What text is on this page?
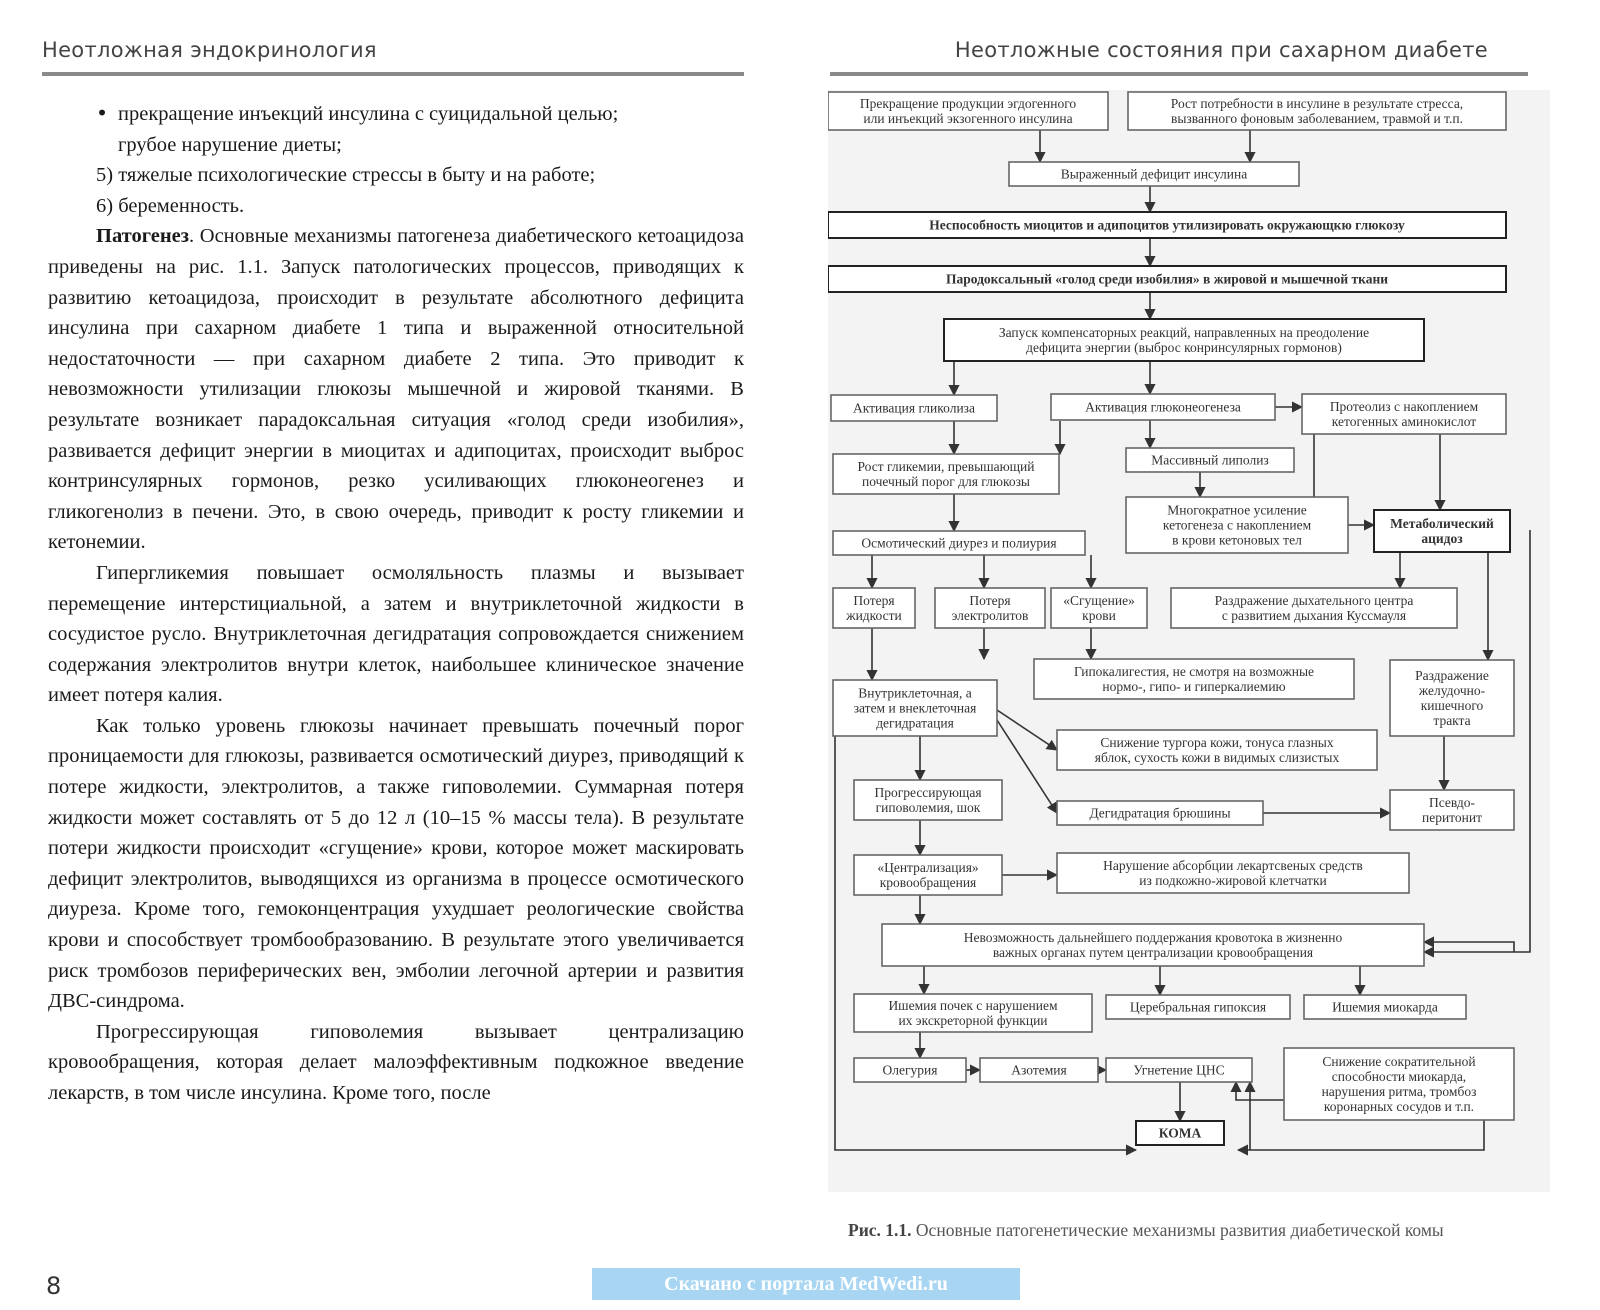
Неотложная эндокринология	Неотложные состояния при сахарном диабете

• прекращение инъекций инсулина с суицидальной целью;

грубое нарушение диеты;

5) тяжелые психологические стрессы в быту и на работе;

6) беременность.

Патогенез. Основные механизмы патогенеза диабетического кетоацидоза приведены на рис. 1.1. Запуск патологических процессов, приводящих к развитию кетоацидоза, происходит в результате абсолютного дефицита инсулина при сахарном диабете 1 типа и выраженной относительной недостаточности — при сахарном диабете 2 типа. Это приводит к невозможности утилизации глюкозы мышечной и жировой тканями. В результате возникает парадоксальная ситуация «голод среди изобилия», развивается дефицит энергии в миоцитах и адипоцитах, происходит выброс контринсулярных гормонов, резко усиливающих глюконеогенез и гликогенолиз в печени. Это, в свою очередь, приводит к росту гликемии и кетонемии.

Гипергликемия повышает осмоляльность плазмы и вызывает перемещение интерстициальной, а затем и внутриклеточной жидкости в сосудистое русло. Внутриклеточная дегидратация сопровождается снижением содержания электролитов внутри клеток, наибольшее клиническое значение имеет потеря калия.

Как только уровень глюкозы начинает превышать почечный порог проницаемости для глюкозы, развивается осмотический диурез, приводящий к потере жидкости, электролитов, а также гиповолемии. Суммарная потеря жидкости может составлять от 5 до 12 л (10–15 % массы тела). В результате потери жидкости происходит «сгущение» крови, которое может маскировать дефицит электролитов, выводящихся из организма в процессе осмотического диуреза. Кроме того, гемоконцентрация ухудшает реологические свойства крови и способствует тромбообразованию. В результате этого увеличивается риск тромбозов периферических вен, эмболии легочной артерии и развития ДВС-синдрома.

Прогрессирующая гиповолемия вызывает централизацию кровообращения, которая делает малоэффективным подкожное введение лекарств, в том числе инсулина. Кроме того, после

8
Прекращение продукции эгдогенного
или инъекций экзогенного инсулина
Рост потребности в инсулине в результате стресса,
вызванного фоновым заболеванием, травмой и т.п.
Выраженный дефицит инсулина
Неспособность миоцитов и адипоцитов утилизировать окружающкю глюкозу
Пародоксальный «голод среди изобилия» в жировой и мышечной ткани
Запуск компенсаторных реакций, направленных на преодоление
дефицита энергии (выброс конринсулярных гормонов)
Активация гликолиза	Активация глюконеогенеза	Протеолиз с накоплением
кетогенных аминокислот
Рост гликемии, превышающий
почечный порог для глюкозы
Массивный липолиз
Многократное усиление
кетогенеза с накоплением
в крови кетоновых тел
Метаболический
ацидоз
Осмотический диурез и полиурия
Потеря
жидкости
Потеря
электролитов
«Сгущение»
крови
Раздражение дыхательного центра
с развитием дыхания Куссмауля
Гипокалигестия, не смотря на возможные
нормо-, гипо- и гиперкалиемию
Раздражение
желудочно-
кишечного
тракта
Внутриклеточная, а
затем и внеклеточная
дегидратация
Снижение тургора кожи, тонуса глазных
яблок, сухость кожи в видимых слизистых
Прогрессирующая
гиповолемия, шок	Дегидратация брюшины
Псевдо-
перитонит
«Централизация»
кровообращения
Нарушение абсорбции лекартсвеных средств
из подкожно-жировой клетчатки
Невозможность дальнейшего поддержания кровотока в жизненно
важных органах путем централизации кровообращения
Ишемия почек с нарушением
их экскреторной функции
Церебральная гипоксия	Ишемия миокарда
Снижение сократительной
способности миокарда,
нарушения ритма, тромбоз
коронарных сосудов и т.п.
Олегурия	Азотемия	Угнетение ЦНС
КОМА
Рис. 1.1. Основные патогенетические механизмы развития диабетической комы
Скачано с портала MedWedi.ru
